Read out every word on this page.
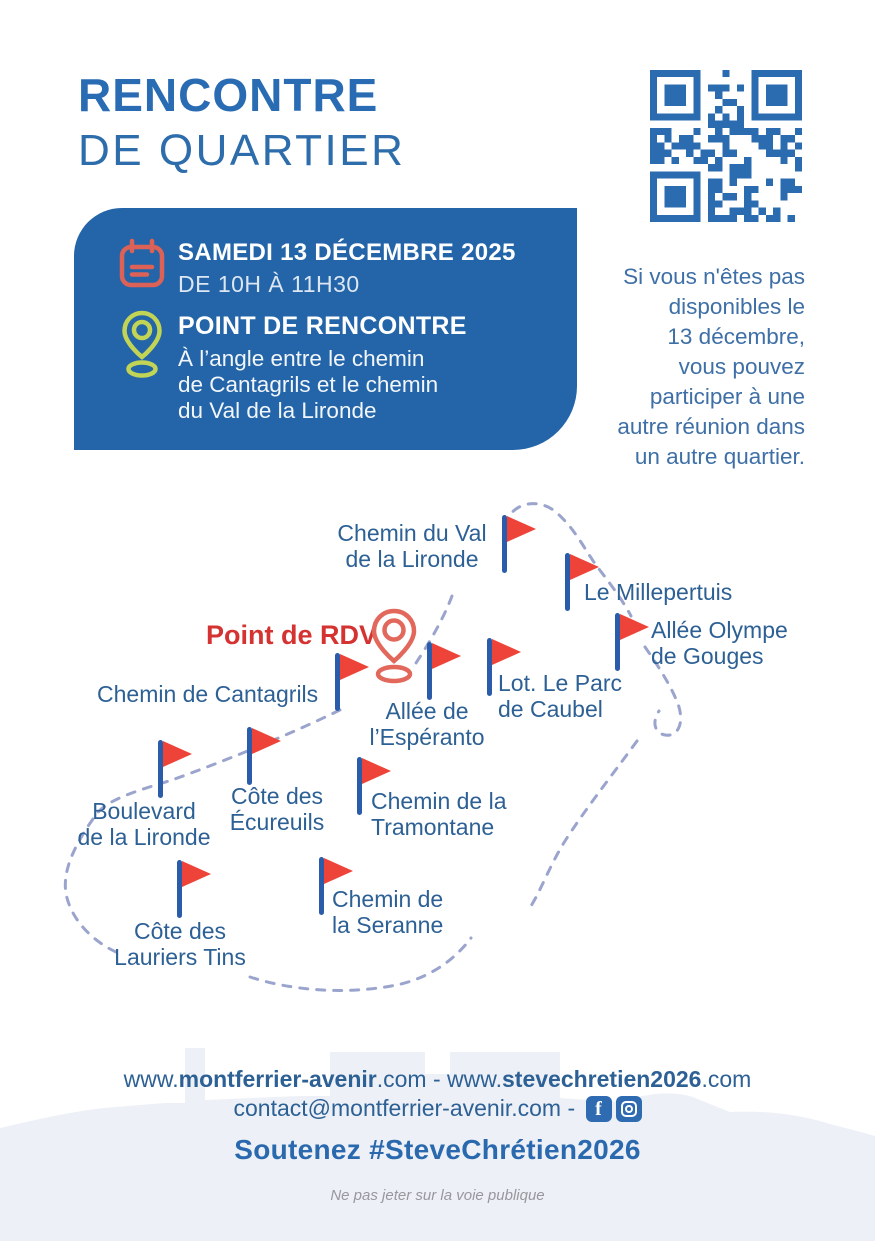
RENCONTRE
DE QUARTIER
SAMEDI 13 DÉCEMBRE 2025
DE 10H À 11H30
POINT DE RENCONTRE
À l’angle entre le chemin
de Cantagrils et le chemin
du Val de la Lironde
Si vous n'êtes pas
disponibles le
13 décembre,
vous pouvez
participer à une
autre réunion dans
un autre quartier.
Chemin du Val
de la Lironde
Le Millepertuis
Allée Olympe
de Gouges
Chemin de Cantagrils
Allée de
l’Espéranto
Lot. Le Parc
de Caubel
Boulevard
de la Lironde
Côte des
Écureuils
Chemin de la
Tramontane
Côte des
Lauriers Tins
Chemin de
la Seranne
Point de RDV
www.montferrier-avenir.com - www.stevechretien2026.com
contact@montferrier-avenir.com - f
Soutenez #SteveChrétien2026
Ne pas jeter sur la voie publique
